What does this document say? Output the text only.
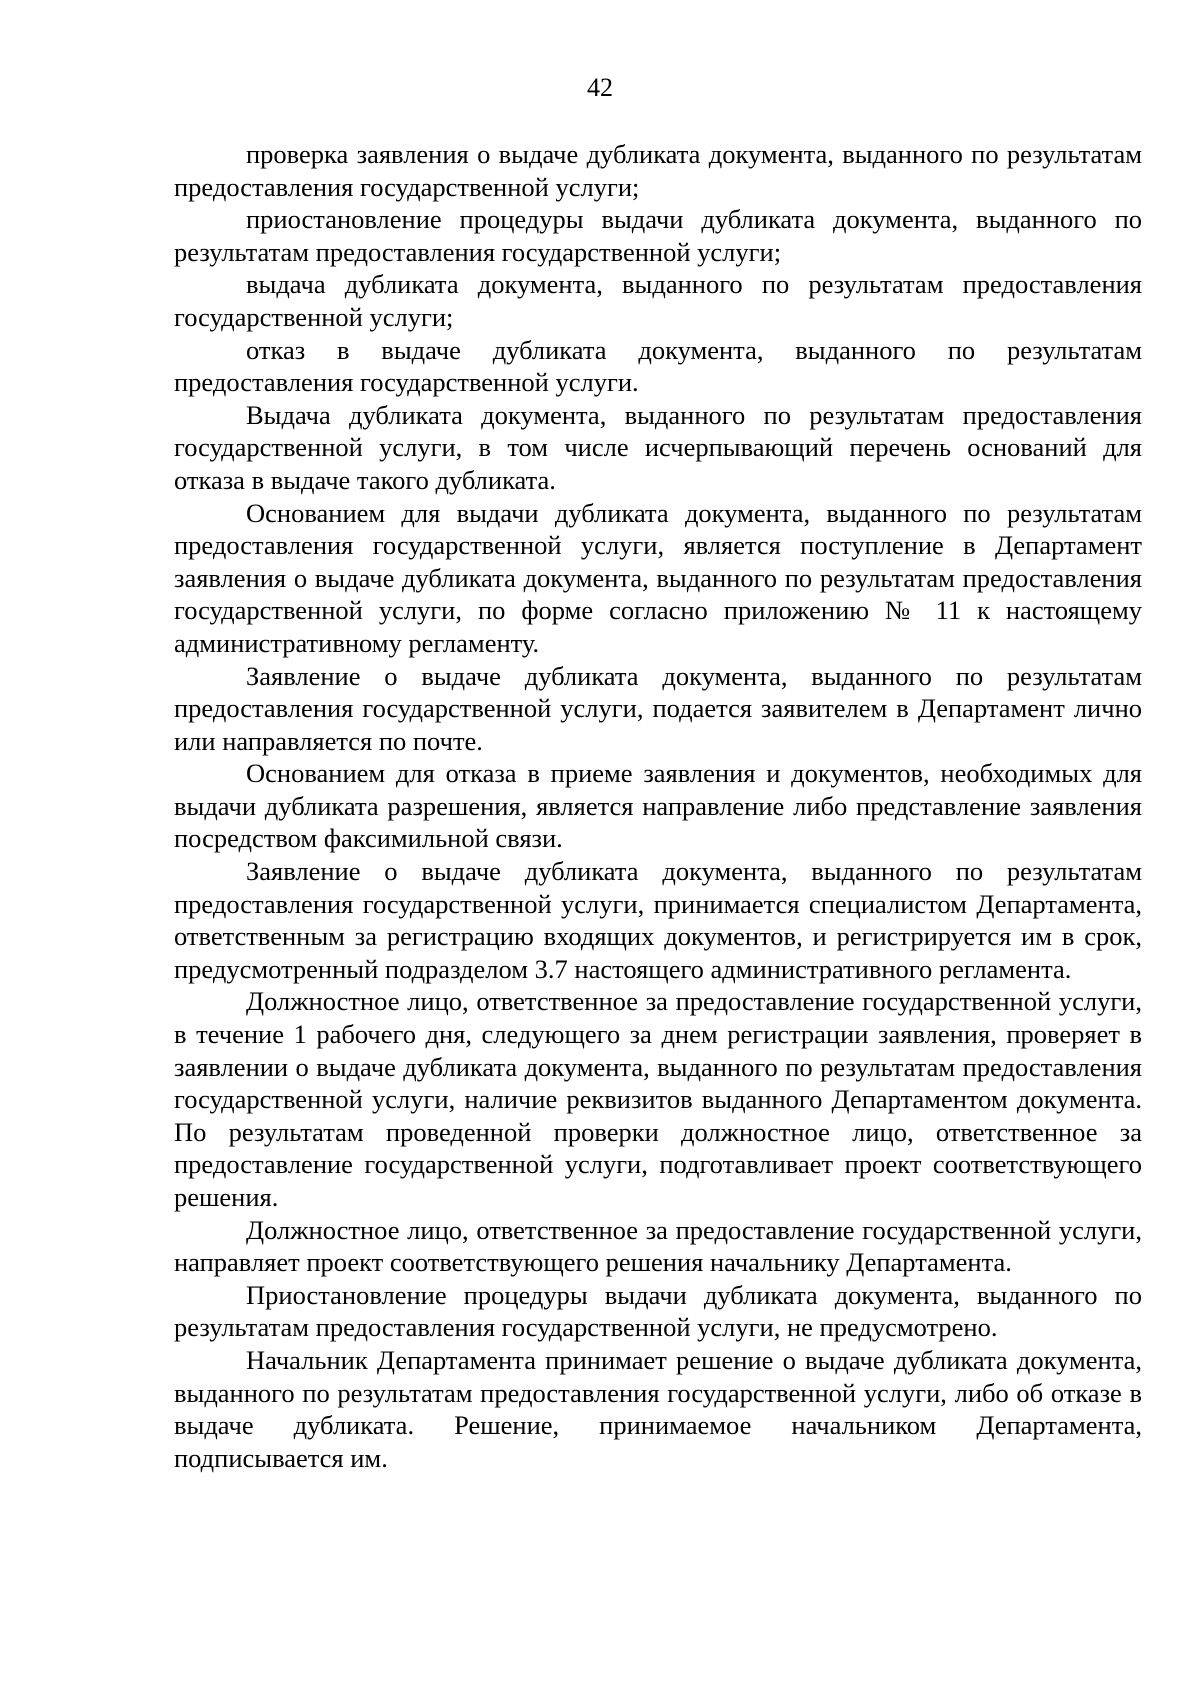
42

проверка заявления о выдаче дубликата документа, выданного по результатам предоставления государственной услуги;

приостановление процедуры выдачи дубликата документа, выданного по результатам предоставления государственной услуги;

выдача дубликата документа, выданного по результатам предоставления государственной услуги;

отказ в выдаче дубликата документа, выданного по результатам предоставления государственной услуги.

Выдача дубликата документа, выданного по результатам предоставления государственной услуги, в том числе исчерпывающий перечень оснований для отказа в выдаче такого дубликата.

Основанием для выдачи дубликата документа, выданного по результатам предоставления государственной услуги, является поступление в Департамент заявления о выдаче дубликата документа, выданного по результатам предоставления государственной услуги, по форме согласно приложению № 11 к настоящему административному регламенту.

Заявление о выдаче дубликата документа, выданного по результатам предоставления государственной услуги, подается заявителем в Департамент лично или направляется по почте.

Основанием для отказа в приеме заявления и документов, необходимых для выдачи дубликата разрешения, является направление либо представление заявления посредством факсимильной связи.

Заявление о выдаче дубликата документа, выданного по результатам предоставления государственной услуги, принимается специалистом Департамента, ответственным за регистрацию входящих документов, и регистрируется им в срок, предусмотренный подразделом 3.7 настоящего административного регламента.

Должностное лицо, ответственное за предоставление государственной услуги, в течение 1 рабочего дня, следующего за днем регистрации заявления, проверяет в заявлении о выдаче дубликата документа, выданного по результатам предоставления государственной услуги, наличие реквизитов выданного Департаментом документа. По результатам проведенной проверки должностное лицо, ответственное за предоставление государственной услуги, подготавливает проект соответствующего решения.

Должностное лицо, ответственное за предоставление государственной услуги, направляет проект соответствующего решения начальнику Департамента.

Приостановление процедуры выдачи дубликата документа, выданного по результатам предоставления государственной услуги, не предусмотрено.

Начальник Департамента принимает решение о выдаче дубликата документа, выданного по результатам предоставления государственной услуги, либо об отказе в выдаче дубликата. Решение, принимаемое начальником Департамента, подписывается им.
